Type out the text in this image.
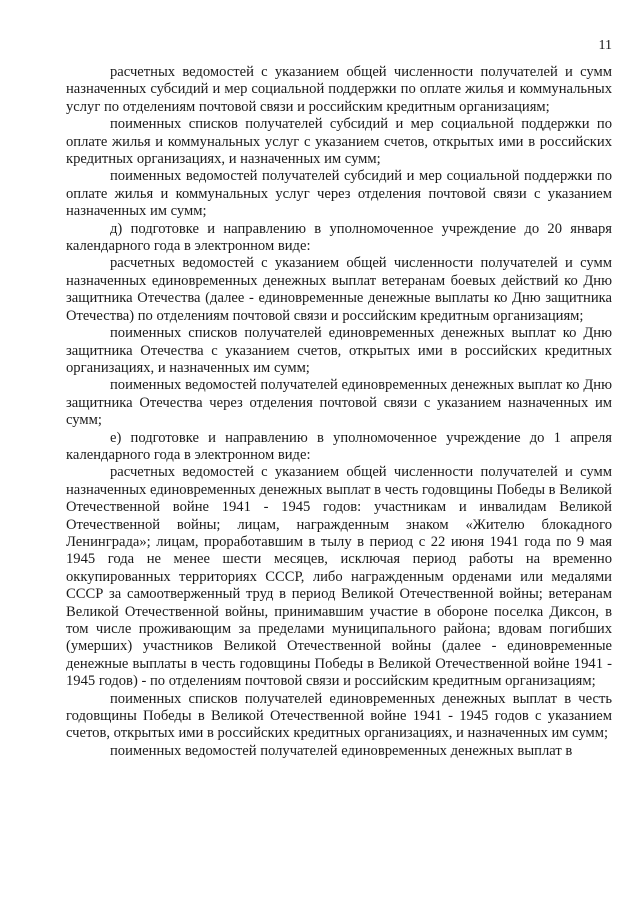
11

расчетных ведомостей с указанием общей численности получателей и сумм назначенных субсидий и мер социальной поддержки по оплате жилья и коммунальных услуг по отделениям почтовой связи и российским кредитным организациям;

поименных списков получателей субсидий и мер социальной поддержки по оплате жилья и коммунальных услуг с указанием счетов, открытых ими в российских кредитных организациях, и назначенных им сумм;

поименных ведомостей получателей субсидий и мер социальной поддержки по оплате жилья и коммунальных услуг через отделения почтовой связи с указанием назначенных им сумм;

д) подготовке и направлению в уполномоченное учреждение до 20 января календарного года в электронном виде:

расчетных ведомостей с указанием общей численности получателей и сумм назначенных единовременных денежных выплат ветеранам боевых действий ко Дню защитника Отечества (далее - единовременные денежные выплаты ко Дню защитника Отечества) по отделениям почтовой связи и российским кредитным организациям;

поименных списков получателей единовременных денежных выплат ко Дню защитника Отечества с указанием счетов, открытых ими в российских кредитных организациях, и назначенных им сумм;

поименных ведомостей получателей единовременных денежных выплат ко Дню защитника Отечества через отделения почтовой связи с указанием назначенных им сумм;

е) подготовке и направлению в уполномоченное учреждение до 1 апреля календарного года в электронном виде:

расчетных ведомостей с указанием общей численности получателей и сумм назначенных единовременных денежных выплат в честь годовщины Победы в Великой Отечественной войне 1941 - 1945 годов: участникам и инвалидам Великой Отечественной войны; лицам, награжденным знаком «Жителю блокадного Ленинграда»; лицам, проработавшим в тылу в период с 22 июня 1941 года по 9 мая 1945 года не менее шести месяцев, исключая период работы на временно оккупированных территориях СССР, либо награжденным орденами или медалями СССР за самоотверженный труд в период Великой Отечественной войны; ветеранам Великой Отечественной войны, принимавшим участие в обороне поселка Диксон, в том числе проживающим за пределами муниципального района; вдовам погибших (умерших) участников Великой Отечественной войны (далее - единовременные денежные выплаты в честь годовщины Победы в Великой Отечественной войне 1941 - 1945 годов) - по отделениям почтовой связи и российским кредитным организациям;

поименных списков получателей единовременных денежных выплат в честь годовщины Победы в Великой Отечественной войне 1941 - 1945 годов с указанием счетов, открытых ими в российских кредитных организациях, и назначенных им сумм;

поименных ведомостей получателей единовременных денежных выплат в
